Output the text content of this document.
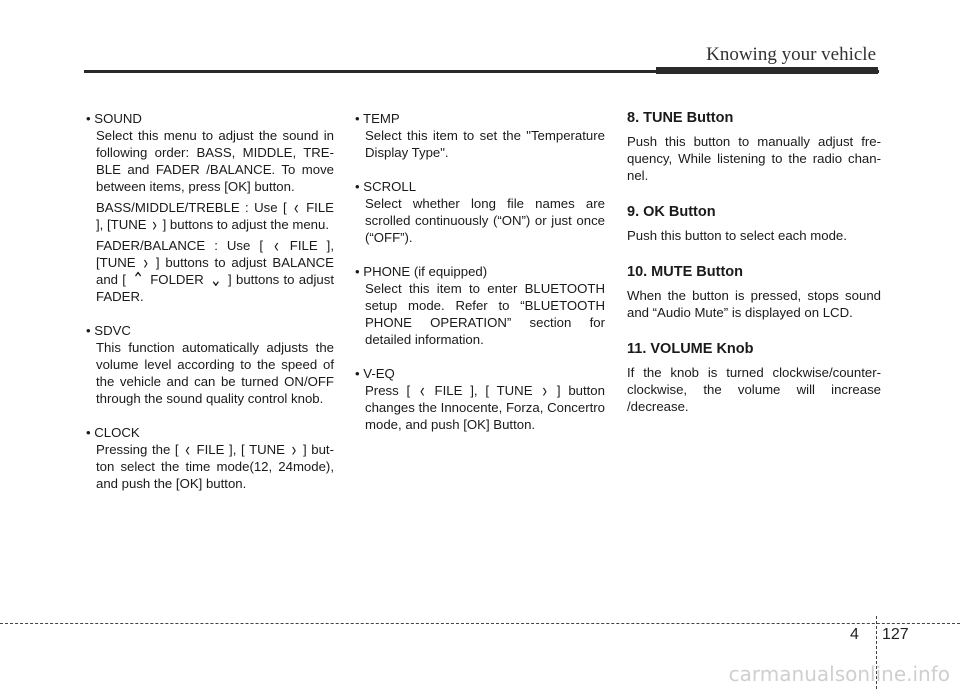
Knowing your vehicle
• SOUND

Select this menu to adjust the sound in following order: BASS, MIDDLE, TRE- BLE and FADER /BALANCE. To move between items, press [OK] button.

BASS/MIDDLE/TREBLE : Use [ ‹ FILE ], [TUNE › ] buttons to adjust the menu.

FADER/BALANCE : Use [ ‹ FILE ], [TUNE › ] buttons to adjust BALANCE and [ ⌃ FOLDER ⌄ ] buttons to adjust FADER.

• SDVC
This function automatically adjusts the volume level according to the speed of the vehicle and can be turned ON/OFF through the sound quality control knob.
• CLOCK
Pressing the [ ‹ FILE ], [ TUNE › ] but- ton select the time mode(12, 24mode), and push the [OK] button.
• TEMP
Select this item to set the "Temperature Display Type".
• SCROLL
Select whether long file names are scrolled continuously (“ON”) or just once (“OFF”).
• PHONE (if equipped)
Select this item to enter BLUETOOTH setup mode. Refer to “BLUETOOTH PHONE OPERATION” section for detailed information.
• V-EQ
Press [ ‹ FILE ], [ TUNE › ] button changes the Innocente, Forza, Concertro mode, and push [OK] Button.
8. TUNE Button
Push this button to manually adjust fre- quency, While listening to the radio chan- nel.
9. OK Button
Push this button to select each mode.
10. MUTE Button
When the button is pressed, stops sound and “Audio Mute” is displayed on LCD.
11. VOLUME Knob
If the knob is turned clockwise/counter- clockwise, the volume will increase /decrease.
4 127
carmanualsonline.info
